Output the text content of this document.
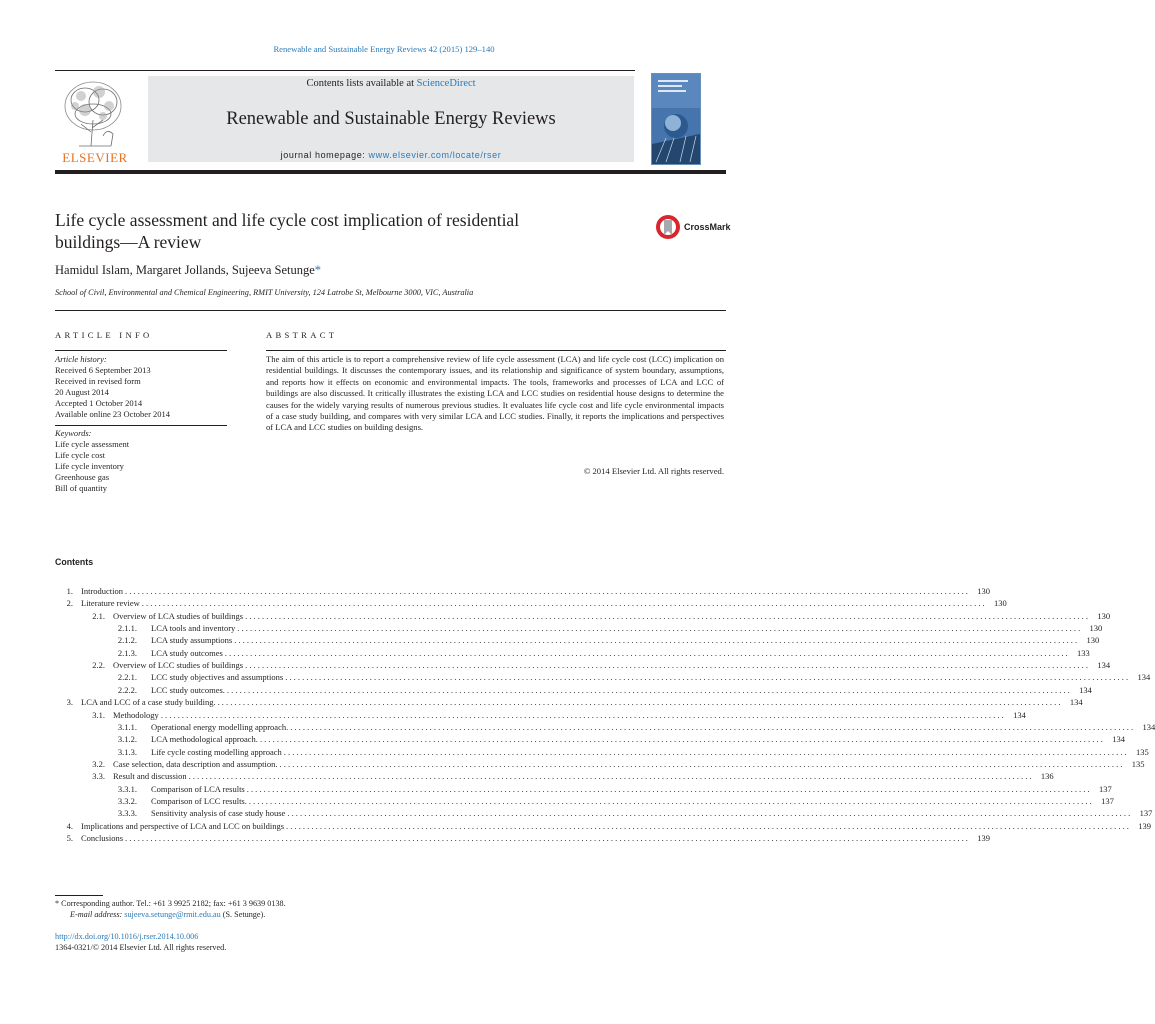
Renewable and Sustainable Energy Reviews 42 (2015) 129–140
ELSEVIER
Contents lists available at ScienceDirect
Renewable and Sustainable Energy Reviews
journal homepage: www.elsevier.com/locate/rser
Life cycle assessment and life cycle cost implication of residential
buildings—A review
CrossMark
Hamidul Islam, Margaret Jollands, Sujeeva Setunge*
School of Civil, Environmental and Chemical Engineering, RMIT University, 124 Latrobe St, Melbourne 3000, VIC, Australia
ARTICLE INFO
Article history:
Received 6 September 2013
Received in revised form
20 August 2014
Accepted 1 October 2014
Available online 23 October 2014
Keywords:
Life cycle assessment
Life cycle cost
Life cycle inventory
Greenhouse gas
Bill of quantity
ABSTRACT
The aim of this article is to report a comprehensive review of life cycle assessment (LCA) and life cycle cost (LCC) implication on residential buildings. It discusses the contemporary issues, and its relationship and significance of system boundary, assumptions, and reports how it effects on economic and environmental impacts. The tools, frameworks and processes of LCA and LCC of buildings are also discussed. It critically illustrates the existing LCA and LCC studies on residential house designs to determine the causes for the widely varying results of numerous previous studies. It evaluates life cycle cost and life cycle environmental impacts of a case study building, and compares with very similar LCA and LCC studies. Finally, it reports the implications and perspectives of LCA and LCC studies on building designs.
© 2014 Elsevier Ltd. All rights reserved.
Contents
1. Introduction ........................................................................................................................................................................................................ 130
2. Literature review ........................................................................................................................................................................................................ 130
2.1. Overview of LCA studies of buildings ........................................................................................................................................................................................................ 130
2.1.1.	LCA tools and inventory ........................................................................................................................................................................................................ 130
2.1.2.	LCA study assumptions ........................................................................................................................................................................................................ 130
2.1.3.	LCA study outcomes ........................................................................................................................................................................................................ 133
2.2. Overview of LCC studies of buildings ........................................................................................................................................................................................................ 134
2.2.1.	LCC study objectives and assumptions ........................................................................................................................................................................................................ 134
2.2.2.	LCC study outcomes. ........................................................................................................................................................................................................ 134
3. LCA and LCC of a case study building. ........................................................................................................................................................................................................ 134
3.1. Methodology ........................................................................................................................................................................................................ 134
3.1.1.	Operational energy modelling approach. ........................................................................................................................................................................................................ 134
3.1.2.	LCA methodological approach. ........................................................................................................................................................................................................ 134
3.1.3.	Life cycle costing modelling approach ........................................................................................................................................................................................................ 135
3.2. Case selection, data description and assumption. ........................................................................................................................................................................................................ 135
3.3. Result and discussion ........................................................................................................................................................................................................ 136
3.3.1.	Comparison of LCA results ........................................................................................................................................................................................................ 137
3.3.2.	Comparison of LCC results. ........................................................................................................................................................................................................ 137
3.3.3.	Sensitivity analysis of case study house ........................................................................................................................................................................................................ 137
4. Implications and perspective of LCA and LCC on buildings ........................................................................................................................................................................................................ 139
5. Conclusions ........................................................................................................................................................................................................ 139
* Corresponding author. Tel.: +61 3 9925 2182; fax: +61 3 9639 0138.
E-mail address: sujeeva.setunge@rmit.edu.au (S. Setunge).
http://dx.doi.org/10.1016/j.rser.2014.10.006
1364-0321/© 2014 Elsevier Ltd. All rights reserved.
